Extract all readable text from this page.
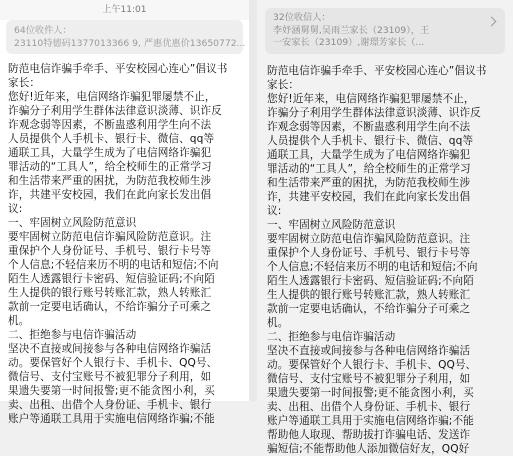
上午11:01
64位收件人：
23110特德码1377013366 9, 严惠优惠价13650772...

防范电信诈骗手牵手、平安校园心连心”倡议书
家长：
您好!近年来，电信网络诈骗犯罪屡禁不止，
诈骗分子利用学生群体法律意识淡薄、识诈反
诈观念弱等因素，不断蛊惑利用学生向不法
人员提供个人手机卡、银行卡、微信、qq等
通联工具，大量学生成为了电信网络诈骗犯
罪活动的“工具人”，给全校师生的正常学习
和生活带来严重的困扰，为防范我校师生涉
诈，共建平安校园，我们在此向家长发出倡
议:
一、牢固树立风险防范意识
要牢固树立防范电信诈骗风险防范意识。注
重保护个人身份证号、手机号、银行卡号等
个人信息;不轻信来历不明的电话和短信;不向
陌生人透露银行卡密码、短信验证码;不向陌
生人提供的银行账号转账汇款，熟人转账汇
款前一定要电话确认，不给诈骗分子可乘之
机。
二、拒绝参与电信诈骗活动
坚决不直接或间接参与各种电信网络诈骗活
动。要保管好个人银行卡、手机卡、QQ号、
微信号、支付宝账号不被犯罪分子利用，如
果遗失要第一时间报警;更不能贪图小利，买
卖、出租、出借个人身份证、手机卡、银行
账户等通联工具用于实施电信网络诈骗;不能

32位收信人：
李妤涵舅舅,吴雨兰家长（23109），王
一安家长（23109）,谢璟芳家长（...

防范电信诈骗手牵手、平安校园心连心”倡议书
家长：
您好!近年来，电信网络诈骗犯罪屡禁不止，
诈骗分子利用学生群体法律意识淡薄、识诈反
诈观念弱等因素，不断蛊惑利用学生向不法
人员提供个人手机卡、银行卡、微信、qq等
通联工具，大量学生成为了电信网络诈骗犯
罪活动的“工具人”，给全校师生的正常学习
和生活带来严重的困扰，为防范我校师生涉
诈，共建平安校园，我们在此向家长发出倡
议:
一、牢固树立风险防范意识
要牢固树立防范电信诈骗风险防范意识。注
重保护个人身份证号、手机号、银行卡号等
个人信息;不轻信来历不明的电话和短信;不向
陌生人透露银行卡密码、短信验证码;不向陌
生人提供的银行账号转账汇款，熟人转账汇
款前一定要电话确认，不给诈骗分子可乘之
机。
二、拒绝参与电信诈骗活动
坚决不直接或间接参与各种电信网络诈骗活
动。要保管好个人银行卡、手机卡、QQ号、
微信号、支付宝账号不被犯罪分子利用，如
果遗失要第一时间报警;更不能贪图小利，买
卖、出租、出借个人身份证、手机卡、银行
账户等通联工具用于实施电信网络诈骗;不能
帮助他人取现、帮助拔打诈骗电话、发送诈
骗短信;不能帮助他人添加微信好友，QQ好
